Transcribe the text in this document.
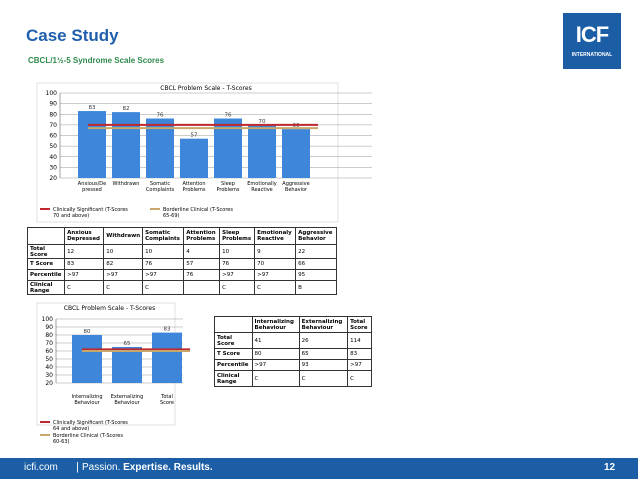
Case Study
CBCL/1½-5 Syndrome Scale Scores
ICF
INTERNATIONAL
CBCL Problem Scale - T-Scores
20
30
40
50
60
70
80
90
100
83
Anxious/De
pressed
82
Withdrawn
76
Somatic
Complaints
57
Attention
Problems
76
Sleep
Problems
70
Emotionally
Reactive
66
Aggressive
Behavior
Clinically Significant (T-Scores
70 and above)
Borderline Clinical (T-Scores
65-69)
CBCL Problem Scale - T-Scores
20
30
40
50
60
70
80
90
100
80
Internalizing
Behaviour
65
Externalizing
Behaviour
83
Total
Score
Clinically Significant (T-Scores
64 and above)
Borderline Clinical (T-Scores
60-63)
	Anxious Depressed	Withdrawn	Somatic Complaints	Attention Problems	Sleep Problems	Emotionaly Reactive	Aggressive Behavior
Total Score	12	10	10	4	10	9	22
T Score	83	82	76	57	76	70	66
Percentile	>97	>97	>97	76	>97	>97	95
Clinical Range	C	C	C		C	C	B
	Internalizing Behaviour	Externalizing Behaviour	Total Score
Total Score	41	26	114
T Score	80	65	83
Percentile	>97	93	>97
Clinical Range	C	C	C
icfi.com | Passion. Expertise. Results.	12
